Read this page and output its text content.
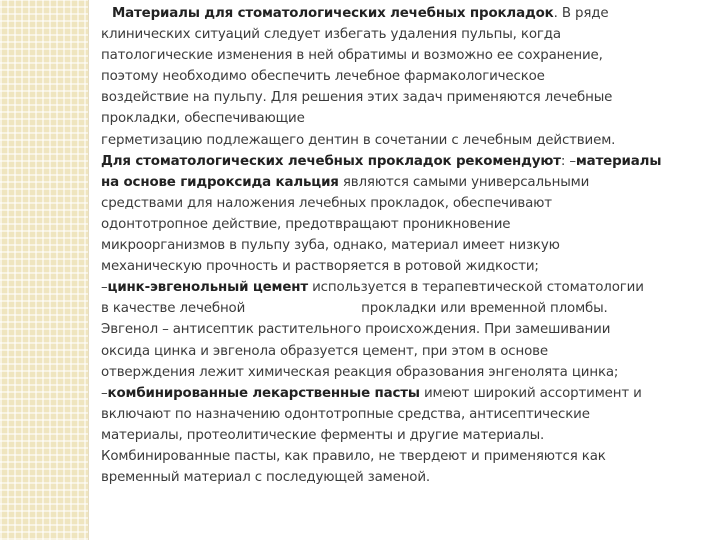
Материалы для стоматологических лечебных прокладок. В ряде
клинических ситуаций следует избегать удаления пульпы, когда
патологические изменения в ней обратимы и возможно ее сохранение,
поэтому необходимо обеспечить лечебное фармакологическое
воздействие на пульпу. Для решения этих задач применяются лечебные
прокладки, обеспечивающие
герметизацию подлежащего дентин в сочетании с лечебным действием.
Для стоматологических лечебных прокладок рекомендуют: –материалы
на основе гидроксида кальция являются самыми универсальными
средствами для наложения лечебных прокладок, обеспечивают
одонтотропное действие, предотвращают проникновение
микроорганизмов в пульпу зуба, однако, материал имеет низкую
механическую прочность и растворяется в ротовой жидкости;
–цинк-эвгенольный цемент используется в терапевтической стоматологии
в качестве лечебной	прокладки или временной пломбы.
Эвгенол – антисептик растительного происхождения. При замешивании
оксида цинка и эвгенола образуется цемент, при этом в основе
отверждения лежит химическая реакция образования энгенолята цинка;
–комбинированные лекарственные пасты имеют широкий ассортимент и
включают по назначению одонтотропные средства, антисептические
материалы, протеолитические ферменты и другие материалы.
Комбинированные пасты, как правило, не твердеют и применяются как
временный материал с последующей заменой.
